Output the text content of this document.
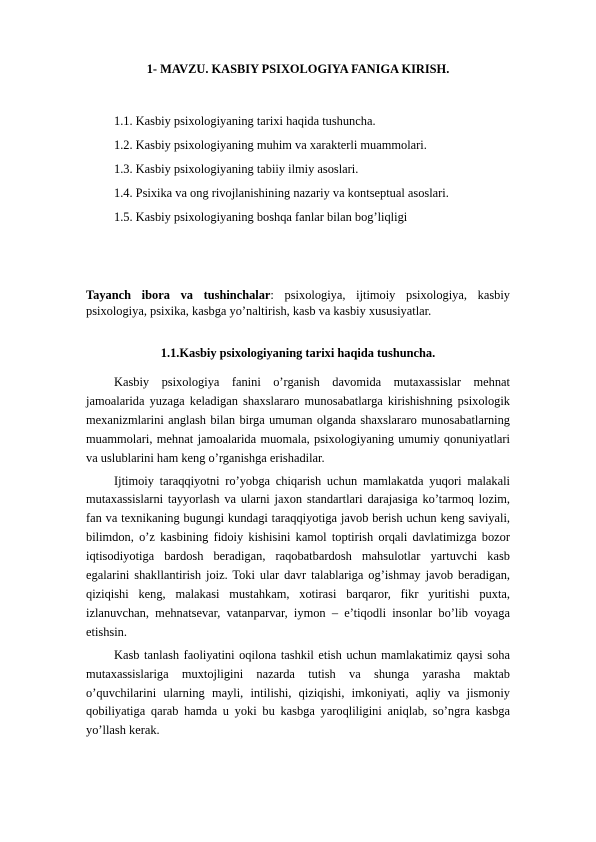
1- MAVZU. KASBIY PSIXOLOGIYA FANIGA KIRISH.
1.1. Kasbiy psixologiyaning tarixi haqida tushuncha.
1.2. Kasbiy psixologiyaning muhim va xarakterli muammolari.
1.3. Kasbiy psixologiyaning tabiiy ilmiy asoslari.
1.4. Psixika va ong rivojlanishining nazariy va kontseptual asoslari.
1.5. Kasbiy psixologiyaning boshqa fanlar bilan bog’liqligi

Tayanch ibora va tushinchalar: psixologiya, ijtimoiy psixologiya, kasbiy psixologiya, psixika, kasbga yo’naltirish, kasb va kasbiy xususiyatlar.

1.1.Kasbiy psixologiyaning tarixi haqida tushuncha.

Kasbiy psixologiya fanini o’rganish davomida mutaxassislar mehnat jamoalarida yuzaga keladigan shaxslararo munosabatlarga kirishishning psixologik mexanizmlarini anglash bilan birga umuman olganda shaxslararo munosabatlarning muammolari, mehnat jamoalarida muomala, psixologiyaning umumiy qonuniyatlari va uslublarini ham keng o’rganishga erishadilar.

Ijtimoiy taraqqiyotni ro’yobga chiqarish uchun mamlakatda yuqori malakali mutaxassislarni tayyorlash va ularni jaxon standartlari darajasiga ko’tarmoq lozim, fan va texnikaning bugungi kundagi taraqqiyotiga javob berish uchun keng saviyali, bilimdon, o’z kasbining fidoiy kishisini kamol toptirish orqali davlatimizga bozor iqtisodiyotiga bardosh beradigan, raqobatbardosh mahsulotlar yartuvchi kasb egalarini shakllantirish joiz. Toki ular davr talablariga og’ishmay javob beradigan, qiziqishi keng, malakasi mustahkam, xotirasi barqaror, fikr yuritishi puxta, izlanuvchan, mehnatsevar, vatanparvar, iymon – e’tiqodli insonlar bo’lib voyaga etishsin.

Kasb tanlash faoliyatini oqilona tashkil etish uchun mamlakatimiz qaysi soha mutaxassislariga muxtojligini nazarda tutish va shunga yarasha maktab o’quvchilarini ularning mayli, intilishi, qiziqishi, imkoniyati, aqliy va jismoniy qobiliyatiga qarab hamda u yoki bu kasbga yaroqliligini aniqlab, so’ngra kasbga yo’llash kerak.
